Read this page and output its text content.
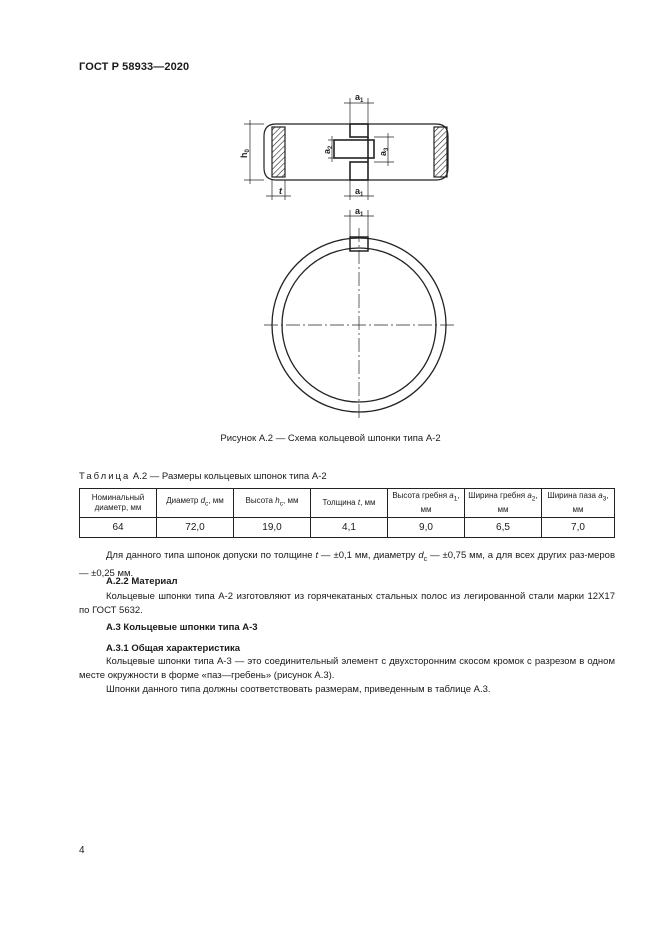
ГОСТ Р 58933—2020
$a_1$
$a_1$
$a_1$
t
$h_0$	$a_2$
$a_3$
Рисунок А.2 — Схема кольцевой шпонки типа А-2
Таблица А.2 — Размеры кольцевых шпонок типа А-2
Номинальный диаметр, мм	Диаметр $d_c$, мм	Высота $h_c$, мм	Толщина t, мм	Высота гребня $a_1$, мм	Ширина гребня $a_2$, мм	Ширина паза $a_3$, мм
64	72,0	19,0	4,1	9,0	6,5	7,0
Для данного типа шпонок допуски по толщине t — ±0,1 мм, диаметру $d_c$ — ±0,75 мм, а для всех других раз-меров — ±0,25 мм.
А.2.2 Материал
Кольцевые шпонки типа А-2 изготовляют из горячекатаных стальных полос из легированной стали марки 12Х17 по ГОСТ 5632.
А.3 Кольцевые шпонки типа А-3
А.3.1 Общая характеристика
Кольцевые шпонки типа А-3 — это соединительный элемент с двухсторонним скосом кромок с разрезом в одном месте окружности в форме «паз—гребень» (рисунок А.3).
Шпонки данного типа должны соответствовать размерам, приведенным в таблице А.3.
4
